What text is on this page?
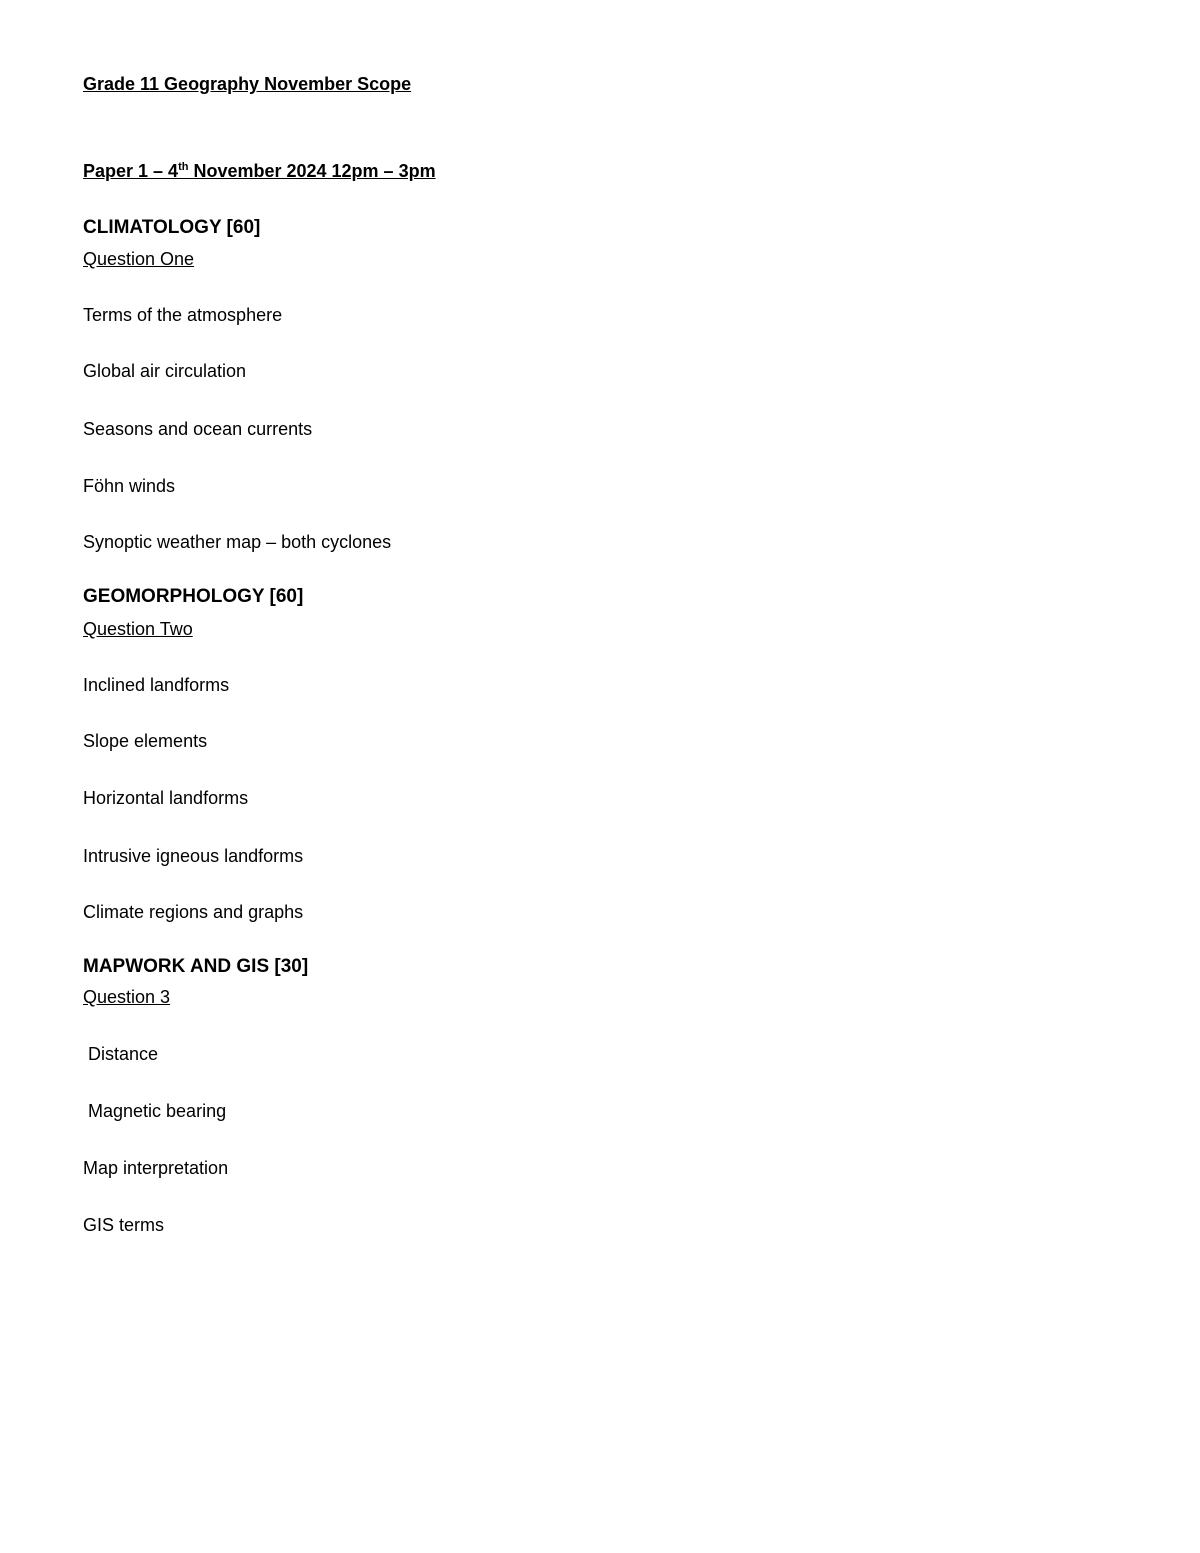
Grade 11 Geography November Scope
Paper 1 – 4th November 2024 12pm – 3pm
CLIMATOLOGY [60]
Question One
Terms of the atmosphere
Global air circulation
Seasons and ocean currents
Föhn winds
Synoptic weather map – both cyclones
GEOMORPHOLOGY [60]
Question Two
Inclined landforms
Slope elements
Horizontal landforms
Intrusive igneous landforms
Climate regions and graphs
MAPWORK AND GIS [30]
Question 3
Distance
Magnetic bearing
Map interpretation
GIS terms
